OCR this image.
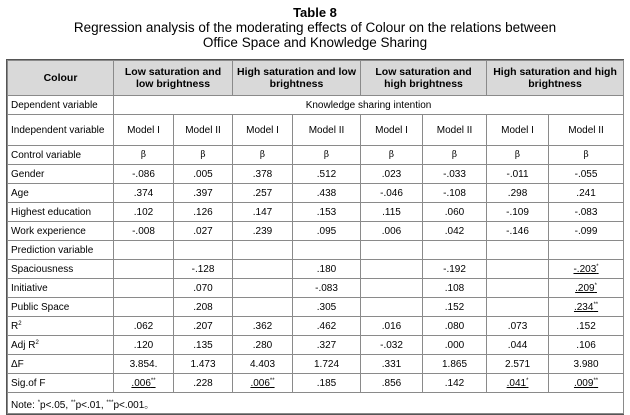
Table 8
Regression analysis of the moderating effects of Colour on the relations between
Office Space and Knowledge Sharing
Colour	Low saturation and low brightness		High saturation and low brightness		Low saturation and high brightness		High saturation and high brightness	
Dependent variable	Knowledge sharing intention							
Independent variable	Model I	Model II	Model I	Model II	Model I	Model II	Model I	Model II
Control variable	β	β	β	β	β	β	β	β
Gender	-.086	.005	.378	.512	.023	-.033	-.011	-.055
Age	.374	.397	.257	.438	-.046	-.108	.298	.241
Highest education	.102	.126	.147	.153	.115	.060	-.109	-.083
Work experience	-.008	.027	.239	.095	.006	.042	-.146	-.099
Prediction variable								
Spaciousness		-.128		.180		-.192		-.203*
Initiative		.070		-.083		.108		.209*
Public Space		.208		.305		.152		.234**
$R^2$	.062	.207	.362	.462	.016	.080	.073	.152
Adj $R^2$	.120	.135	.280	.327	-.032	.000	.044	.106
ΔF	3.854.	1.473	4.403	1.724	.331	1.865	2.571	3.980
Sig.of F	.006**	.228	.006**	.185	.856	.142	.041*	.009**
Note: *p<.05, **p<.01, ***p<.001。								
